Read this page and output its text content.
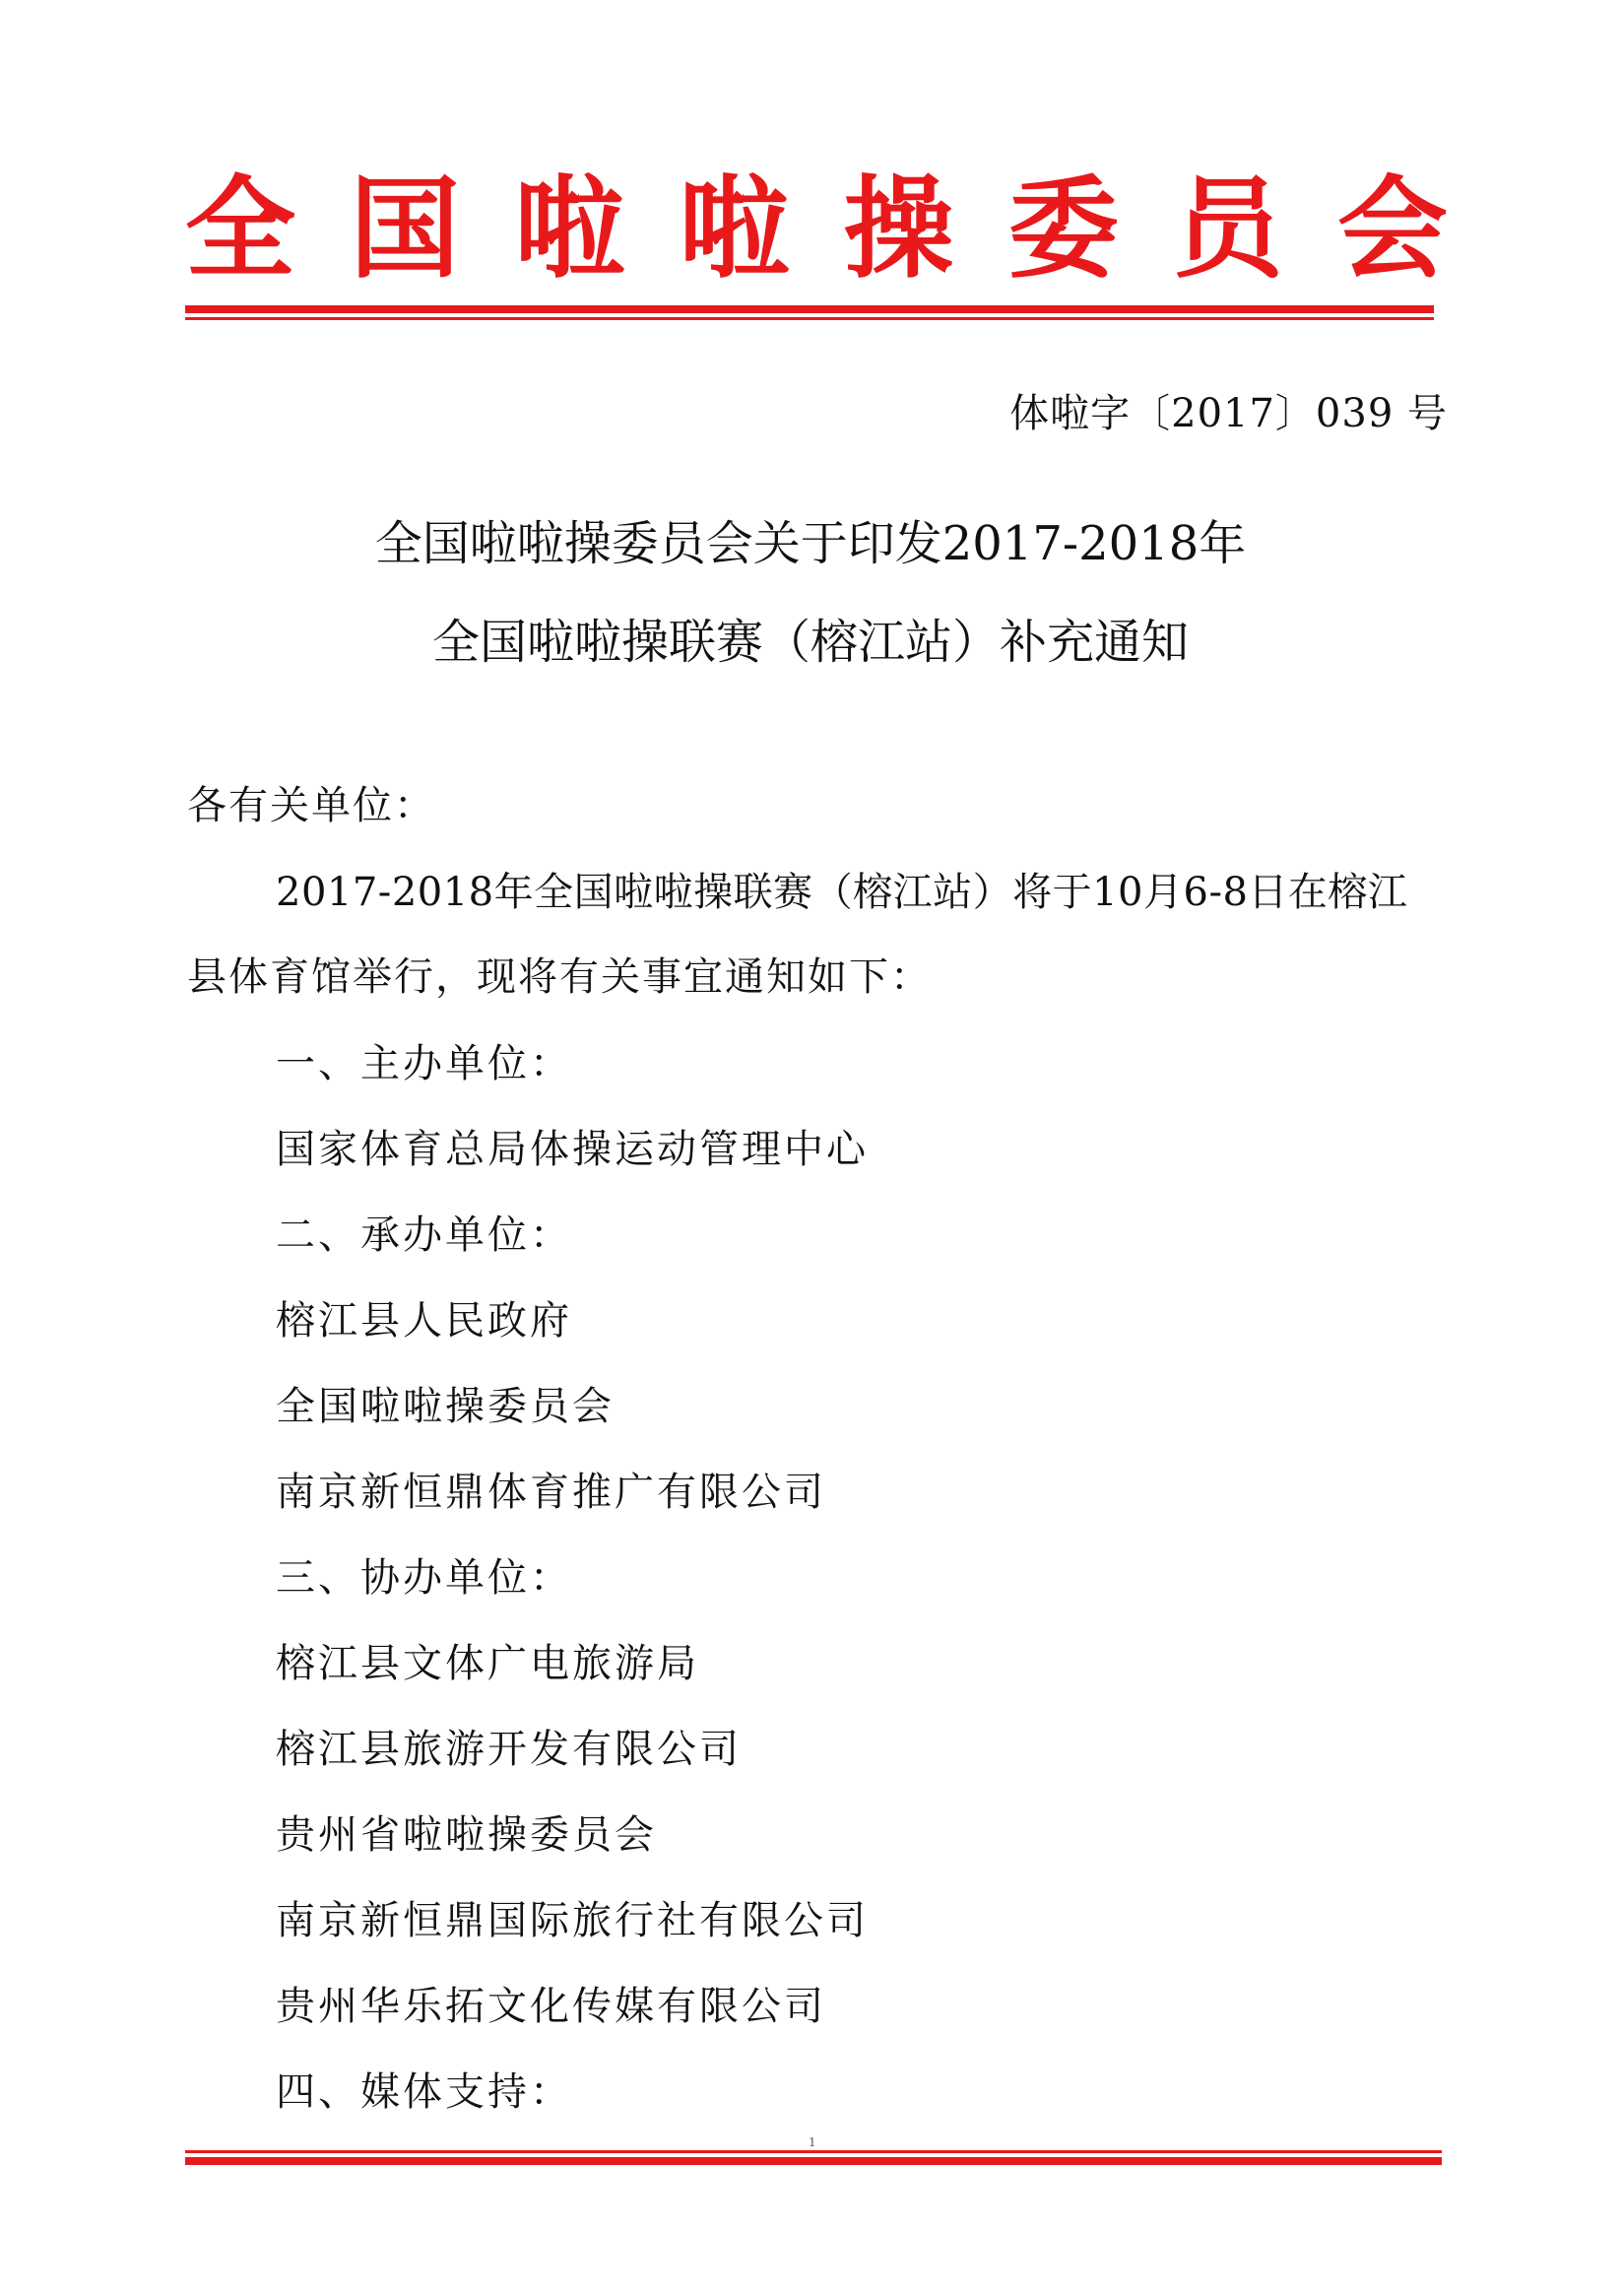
全 国 啦 啦 操 委 员 会
体啦字〔2017〕039 号
全国啦啦操委员会关于印发2017-2018年
全国啦啦操联赛（榕江站）补充通知
各有关单位：
2017-2018年全国啦啦操联赛（榕江站）将于10月6-8日在榕江
县体育馆举行，现将有关事宜通知如下：
一、主办单位：
国家体育总局体操运动管理中心
二、承办单位：
榕江县人民政府
全国啦啦操委员会
南京新恒鼎体育推广有限公司
三、协办单位：
榕江县文体广电旅游局
榕江县旅游开发有限公司
贵州省啦啦操委员会
南京新恒鼎国际旅行社有限公司
贵州华乐拓文化传媒有限公司
四、媒体支持：
1
